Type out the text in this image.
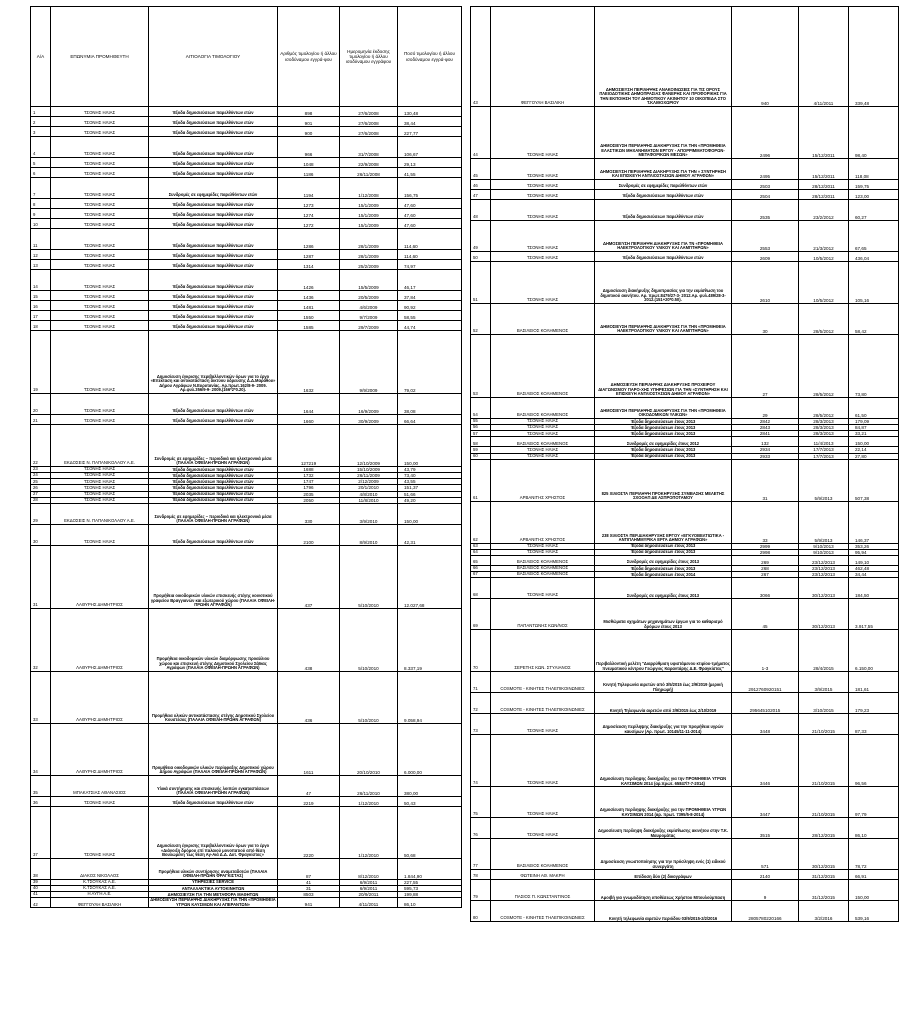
Α/Α	ΕΠΩΝΥΜΙΑ ΠΡΟΜΗΘΕΥΤΗ	ΑΙΤΙΟΛΟΓΙΑ ΤΙΜΟΛΟΓΙΟΥ	Αριθμός τιμολογίου ή άλλου ισοδύναμου εγγρά-φου	Ημερομηνία έκδοσης τιμολογίου ή άλλου ισοδύναμου εγγράφου	Ποσό τιμολογίου ή άλλου ισοδύναμου εγγρά-φου
1	ΤΣΟΝΗΣ ΗΛΙΑΣ	Έξοδα δημοσιεύσεων παρελθόντων ετών	898	27/6/2008	130,48
2	ΤΣΟΝΗΣ ΗΛΙΑΣ	Έξοδα δημοσιεύσεων παρελθόντων ετών	901	27/6/2008	38,44
3	ΤΣΟΝΗΣ ΗΛΙΑΣ	Έξοδα δημοσιεύσεων παρελθόντων ετών	900	27/6/2008	227,77
4	ΤΣΟΝΗΣ ΗΛΙΑΣ	Έξοδα δημοσιεύσεων παρελθόντων ετών	966	31/7/2008	106,67
5	ΤΣΟΝΗΣ ΗΛΙΑΣ	Έξοδα δημοσιεύσεων παρελθόντων ετών	1048	22/9/2008	29,13
6	ΤΣΟΝΗΣ ΗΛΙΑΣ	Έξοδα δημοσιεύσεων παρελθόντων ετών	1186	26/11/2008	41,55
7	ΤΣΟΝΗΣ ΗΛΙΑΣ	Συνδρομές σε εφημερίδες παρελθόντων ετών	1194	1/12/2008	156,75
8	ΤΣΟΝΗΣ ΗΛΙΑΣ	Έξοδα δημοσιεύσεων παρελθόντων ετών	1273	15/1/2009	47,60
9	ΤΣΟΝΗΣ ΗΛΙΑΣ	Έξοδα δημοσιεύσεων παρελθόντων ετών	1274	15/1/2009	47,60
10	ΤΣΟΝΗΣ ΗΛΙΑΣ	Έξοδα δημοσιεύσεων παρελθόντων ετών	1272	15/1/2009	47,60
11	ΤΣΟΝΗΣ ΗΛΙΑΣ	Έξοδα δημοσιεύσεων παρελθόντων ετών	1286	28/1/2009	114,60
12	ΤΣΟΝΗΣ ΗΛΙΑΣ	Έξοδα δημοσιεύσεων παρελθόντων ετών	1287	28/1/2009	114,60
13	ΤΣΟΝΗΣ ΗΛΙΑΣ	Έξοδα δημοσιεύσεων παρελθόντων ετών	1314	25/2/2009	74,97
14	ΤΣΟΝΗΣ ΗΛΙΑΣ	Έξοδα δημοσιεύσεων παρελθόντων ετών	1426	15/5/2009	46,17
15	ΤΣΟΝΗΣ ΗΛΙΑΣ	Έξοδα δημοσιεύσεων παρελθόντων ετών	1436	20/5/2009	37,84
16	ΤΣΟΝΗΣ ΗΛΙΑΣ	Έξοδα δημοσιεύσεων παρελθόντων ετών	1481	4/6/2009	90,92
17	ΤΣΟΝΗΣ ΗΛΙΑΣ	Έξοδα δημοσιεύσεων παρελθόντων ετών	1550	9/7/2009	58,55
18	ΤΣΟΝΗΣ ΗΛΙΑΣ	Έξοδα δημοσιεύσεων παρελθόντων ετών	1585	29/7/2009	44,74
19	ΤΣΟΝΗΣ ΗΛΙΑΣ	Δημοσίευση έγκρισης περιβαλλοντικών όρων για το έργο «Επέκταση και αντικατάσταση δικτύου ύδρευσης Δ.Δ.Μαράθου» Δήμου Αγράφων Ν.Ευρυτανίας. Αρ.πρωτ.162/8-9- 2009. Αρ.φυλ.356/9-9- 2009.(166*2*0.20).	1632	9/9/2009	79,02
20	ΤΣΟΝΗΣ ΗΛΙΑΣ	Έξοδα δημοσιεύσεων παρελθόντων ετών	1644	16/9/2009	38,08
21	ΤΣΟΝΗΣ ΗΛΙΑΣ	Έξοδα δημοσιεύσεων παρελθόντων ετών	1660	30/9/2009	66,64
22	ΕΚΔΟΣΕΙΣ Ν. ΠΑΠΑΝΙΚΟΛΑΟΥ Α.Ε.	Συνδρομές σε εφημερίδες – περιοδικά και ηλεκτρονικά μέσα (ΠΑΛΑΙΑ ΟΦΕΙΛΗ-ΠΡΩΗΝ ΑΓΡΑΦΩΝ)	127219	12/10/2009	150,00
23	ΤΣΟΝΗΣ ΗΛΙΑΣ	Έξοδα δημοσιεύσεων παρελθόντων ετών	1688	15/10/2009	43,79
24	ΤΣΟΝΗΣ ΗΛΙΑΣ	Έξοδα δημοσιεύσεων παρελθόντων ετών	1732	26/11/2009	73,40
25	ΤΣΟΝΗΣ ΗΛΙΑΣ	Έξοδα δημοσιεύσεων παρελθόντων ετών	1747	2/12/2009	43,55
26	ΤΣΟΝΗΣ ΗΛΙΑΣ	Έξοδα δημοσιεύσεων παρελθόντων ετών	1796	20/1/2010	151,37
27	ΤΣΟΝΗΣ ΗΛΙΑΣ	Έξοδα δημοσιεύσεων παρελθόντων ετών	2035	4/8/2010	51,66
28	ΤΣΟΝΗΣ ΗΛΙΑΣ	Έξοδα δημοσιεύσεων παρελθόντων ετών	2050	11/8/2010	49,20
29	ΕΚΔΟΣΕΙΣ Ν. ΠΑΠΑΝΙΚΟΛΑΟΥ Α.Ε.	Συνδρομές σε εφημερίδες – περιοδικά και ηλεκτρονικά μέσα (ΠΑΛΑΙΑ ΟΦΕΙΛΗ-ΠΡΩΗΝ ΑΓΡΑΦΩΝ)	330	3/9/2010	150,00
30	ΤΣΟΝΗΣ ΗΛΙΑΣ	Έξοδα δημοσιεύσεων παρελθόντων ετών	2100	8/9/2010	42,31
31	ΛΑΘΥΡΗΣ ΔΗΜΗΤΡΙΟΣ	Προμήθεια οικοδομικών υλικών επισκευής στέγης κοινοτικού γραφείου Βραγγιανών και εξωτερικού χώρου (ΠΑΛΑΙΑ ΟΦΕΙΛΗ-ΠΡΩΗΝ ΑΓΡΑΦΩΝ)	437	5/10/2010	12.027,68
32	ΛΑΘΥΡΗΣ ΔΗΜΗΤΡΙΟΣ	Προμήθεια οικοδομικών υλικών διαμόρφωσης προαύλιου χώρου και επισκευή στέγης Δημοτικού Σχολείου Σάϊκας Αγράφων (ΠΑΛΑΙΑ ΟΦΕΙΛΗ-ΠΡΩΗΝ ΑΓΡΑΦΩΝ)	438	5/10/2010	8.337,19
33	ΛΑΘΥΡΗΣ ΔΗΜΗΤΡΙΟΣ	Προμήθεια υλικών αντικατάστασης στέγης Δημοτικού Σχολείου Κουστέσας (ΠΑΛΑΙΑ ΟΦΕΙΛΗ-ΠΡΩΗΝ ΑΓΡΑΦΩΝ)	436	5/10/2010	9.058,94
34	ΛΑΘΥΡΗΣ ΔΗΜΗΤΡΙΟΣ	Προμήθεια οικοδομικών υλικών περίφραξης Δημοτικού χώρου Δήμου Αγράφων (ΠΑΛΑΙΑ ΟΦΕΙΛΗ-ΠΡΩΗΝ ΑΓΡΑΦΩΝ)	1611	20/10/2010	6.000,00
35	ΜΠΑΚΑΤΣΙΑΣ ΑΘΑΝΑΣΙΟΣ	Υλικά συντήρησης και επισκευής λοιπών εγκαταστάσεων (ΠΑΛΑΙΑ ΟΦΕΙΛΗ-ΠΡΩΗΝ ΑΓΡΑΦΩΝ)	47	26/11/2010	380,00
36	ΤΣΟΝΗΣ ΗΛΙΑΣ	Έξοδα δημοσιεύσεων παρελθόντων ετών	2219	1/12/2010	50,43
37	ΤΣΟΝΗΣ ΗΛΙΑΣ	Δημοσίευση έγκρισης περιβαλλοντικών όρων για το έργο «Διάνοιξη δρόμου επί παλαιού μονοπατιού από θέση Βουλωμένη 'έως θέση Αγ-Αιά Δ.Δ. Δυτ. Φραγκίστας»	2220	1/12/2010	50,68
38	ΔΙΑΚΟΣ ΝΙΚΟΛΑΟΣ	Προμήθεια υλικών συντήρησης αναμεταδοτών (ΠΑΛΑΙΑ ΟΦΕΙΛΗ-ΠΡΩΗΝ ΦΡΑΓΚΙΣΤΑΣ)	87	8/12/2010	1.844,90
39	Κ.ΤΣΟΥΚΑΣ Α.Ε.	ΥΠΗΡΕΣΙΕΣ SERVICE	41	6/9/2011	227,55
40	Κ.ΤΣΟΥΚΑΣ Α.Ε.	ΑΝΤΑΛΛΑΚΤΙΚΑ ΑΥΤΟΚΙΝΗΤΩΝ	31	6/9/2011	595,73
41	Η ΑΥΓΗ Α.Ε.	ΔΗΜΟΣΙΕΥΣΗ ΓΙΑ ΤΗΝ ΜΕΤΑΦΟΡΑ ΜΑΘΗΤΩΝ	8503	20/9/2011	199,88
42	ΦΕΓΓΟΥΛΗ ΒΑΣΙΛΙΚΗ	ΔΗΜΟΣΙΕΥΣΗ ΠΕΡΙΛΗΨΗΣ ΔΙΑΚΗΡΥΞΗΣ ΓΙΑ ΤΗΝ «ΠΡΟΜΗΘΕΙΑ ΥΓΡΩΝ ΚΑΥΣΙΜΩΝ ΚΑΙ ΑΠΕΡΑΝΤΩΝ»	941	4/11/2011	86,10
43	ΦΕΓΓΟΥΛΗ ΒΑΣΙΛΙΚΗ	ΔΗΜΟΣΙΕΥΣΗ ΠΕΡΙΛΗΨΗΣ ΑΝΑΚΟΙΝΩΣΕΙΣ ΓΙΑ ΤΙΣ ΟΡΟΥΣ ΠΛΕΙΟΔΟΤΙΚΗΣ ΔΗΜΟΠΡΑΣΙΑΣ ΦΑΝΕΡΗΣ ΚΑΙ ΠΡΟΦΟΡΙΚΗΣ ΓΙΑ ΤΗΝ ΕΚΠΟΙΗΣΗ ΤΟΥ ΔΗΜΟΤΙΚΟΥ ΑΚΙΝΗΤΟΥ 10 ΟΙΚΟΠΕΔΑ ΣΤΟ Τ.ΚΛΙΘΟΧΩΡΙΟΥ	940	4/11/2011	339,48
44	ΤΣΟΝΗΣ ΗΛΙΑΣ	ΔΗΜΟΣΙΕΥΣΗ ΠΕΡΙΛΗΨΗΣ ΔΙΑΚΗΡΥΞΗΣ ΓΙΑ ΤΗΝ «ΠΡΟΜΗΘΕΙΑ ΕΛΑΣΤΙΚΩΝ ΜΗΧΑΝΗΜΑΤΩΝ ΕΡΓΟΥ - ΑΠΟΡΡΙΜΜΑΤΟΦΟΡΩΝ-ΜΕΤΑΦΟΡΙΚΩΝ ΜΕΣΩΝ»	2496	15/12/2011	98,40
45	ΤΣΟΝΗΣ ΗΛΙΑΣ	ΔΗΜΟΣΙΕΥΣΗ ΠΕΡΙΛΗΨΗΣ ΔΙΑΚΗΡΥΞΗΣ ΓΙΑ ΤΗΝ « ΣΥΝΤΗΡΗΣΗ ΚΑΙ ΕΠΙΣΚΕΥΗ ΑΝΤΛΙΟΣΤΑΣΙΩΝ ΔΗΜΟΥ ΑΓΡΑΦΩΝ»	2495	15/12/2011	118,08
46	ΤΣΟΝΗΣ ΗΛΙΑΣ	Συνδρομές σε εφημερίδες παρελθόντων ετών	2503	28/12/2011	159,75
47	ΤΣΟΝΗΣ ΗΛΙΑΣ	Έξοδα δημοσιεύσεων παρελθόντων ετών	2504	28/12/2011	123,00
48	ΤΣΟΝΗΣ ΗΛΙΑΣ	Έξοδα δημοσιεύσεων παρελθόντων ετών	2535	23/2/2012	60,27
49	ΤΣΟΝΗΣ ΗΛΙΑΣ	ΔΗΜΟΣΙΕΥΣΗ ΠΕΡΙΛΗΨΗ ΔΙΑΚΗΡΥΞΗΣ ΓΙΑ ΤΝ «ΠΡΟΜΗΘΕΙΑ ΗΛΕΚΤΡΟΛΟΓΙΚΟΥ ΥΛΙΚΟΥ ΚΑΙ ΛΑΜΠΤΗΡΩΝ»	2553	21/3/2012	67,65
50	ΤΣΟΝΗΣ ΗΛΙΑΣ	Έξοδα δημοσιεύσεων παρελθόντων ετών	2609	10/5/2012	436,04
51	ΤΣΟΝΗΣ ΗΛΙΑΣ	Δημοσίευση διακήρυξης δημοπρασίας για την εκμίσθωση του δημοτικού ακινήτου. Αρ. πρωτ.8479/27-3- 2012.Αρ. φυλ.489/28-3- 2012.(151+20*0.50).	2610	10/5/2012	105,16
52	ΒΑΣΙΛΕΙΟΣ ΚΟΛΗΜΕΝΟΣ	ΔΗΜΟΣΙΕΥΣΗ ΠΕΡΙΛΗΨΗΣ ΔΙΑΚΗΡΥΞΗΣ ΓΙΑ ΤΗΝ «ΠΡΟΜΗΘΕΙΑ ΗΛΕΚΤΡΟΛΟΓΙΚΟΥ ΥΛΙΚΟΥ ΚΑΙ ΛΑΜΠΤΗΡΩΝ»	30	28/5/2012	58,42
53	ΒΑΣΙΛΕΙΟΣ ΚΟΛΗΜΕΝΟΣ	ΔΗΜΟΣΙΕΥΣΗ ΠΕΡΙΛΗΨΗΣ ΔΙΑΚΗΡΥΞΗΣ ΠΡΟΧΕΙΡΟΥ ΔΙΑΓΩΝΙΣΜΟΥ ΠΑΡΟ-ΧΗΣ ΥΠΗΡΕΣΙΩΝ ΓΙΑ ΤΗΝ «ΣΥΝΤΗΡΗΣΗ ΚΑΙ ΕΠΙΣΚΕΥΗ ΑΝΤΛΙΟΣΤΑΣΙΩΝ ΔΗΜΟΥ ΑΓΡΑΦΩΝ»	27	28/5/2012	73,80
54	ΒΑΣΙΛΕΙΟΣ ΚΟΛΗΜΕΝΟΣ	ΔΗΜΟΣΙΕΥΣΗ ΠΕΡΙΛΗΨΗΣ ΔΙΑΚΗΡΥΞΗΣ ΓΙΑ ΤΗΝ «ΠΡΟΜΗΘΕΙΑ ΟΙΚΟΔΟΜΙΚΩΝ ΥΛΙΚΩΝ»	29	28/5/2012	61,50
55	ΤΣΟΝΗΣ ΗΛΙΑΣ	Έξοδα δημοσιεύσεων έτους 2013	2842	28/3/2013	179,09
56	ΤΣΟΝΗΣ ΗΛΙΑΣ	Έξοδα δημοσιεύσεων έτους 2013	2843	28/3/2013	84,87
57	ΤΣΟΝΗΣ ΗΛΙΑΣ	Έξοδα δημοσιεύσεων έτους 2013	2841	28/3/2013	33,21
58	ΒΑΣΙΛΕΙΟΣ ΚΟΛΗΜΕΝΟΣ	Συνδρομές σε εφημερίδες έτους 2012	132	11/4/2013	150,00
59	ΤΣΟΝΗΣ ΗΛΙΑΣ	Έξοδα δημοσιεύσεων έτους 2013	2934	17/7/2013	22,14
60	ΤΣΟΝΗΣ ΗΛΙΑΣ	Έξοδα δημοσιεύσεων έτους 2013	2933	17/7/2013	27,80
61	ΑΡΒΑΝΙΤΗΣ ΧΡΗΣΤΟΣ	825 ΧΙΛΙΟΣΤΑ ΠΕΡΙΛΗΨΗ ΠΡΟΚΗΡΥΞΗΣ ΣΥΜΒΑΣΗΣ ΜΕΛΕΤΗΣ ΣΧΟΟΑΠ ΔΕ ΑΣΠΡΟΠΟΤΑΜΟΥ	31	5/9/2013	507,38
62	ΑΡΒΑΝΙΤΗΣ ΧΡΗΣΤΟΣ	238 ΧΙΛΙΟΣΤΑ ΠΕΡ.ΔΙΑΚΗΡΥΞΗΣ ΕΡΓΟΥ «ΕΓΚΥΟΒΕΛΤΙΩΤΙΚΑ - ΑΝΤΙΠΛΗΜΜΥΡΙΚΑ ΕΡΓΑ ΔΗΜΟΥ ΑΓΡΑΦΩΝ»	33	5/9/2013	146,37
63	ΤΣΟΝΗΣ ΗΛΙΑΣ	Έξοδα δημοσιεύσεων έτους 2013	2999	9/10/2013	353,26
64	ΤΣΟΝΗΣ ΗΛΙΑΣ	Έξοδα δημοσιεύσεων έτους 2013	2998	9/10/2013	95,94
65	ΒΑΣΙΛΕΙΟΣ ΚΟΛΗΜΕΝΟΣ	Συνδρομές σε εφημερίδες έτους 2013	269	23/12/2013	149,10
66	ΒΑΣΙΛΕΙΟΣ ΚΟΛΗΜΕΝΟΣ	Έξοδα δημοσιεύσεων έτους 2013	268	23/12/2013	462,48
67	ΒΑΣΙΛΕΙΟΣ ΚΟΛΗΜΕΝΟΣ	Έξοδα δημοσιεύσεων έτους 2014	267	23/12/2013	34,44
68	ΤΣΟΝΗΣ ΗΛΙΑΣ	Συνδρομές σε εφημερίδες έτους 2013	3066	30/12/2013	184,50
69	ΠΑΠΑΝΤΩΝΗΣ ΚΩΝ/ΝΟΣ	Μισθώματα οχημάτων μηχανημάτων έργων για το καθαρισμό δρόμων έτους 2013	45	30/12/2013	3.917,55
70	ΣΕΡΕΤΗΣ ΚΩΝ. ΣΤΥΛΙΑΝΟΣ	Περιβαλλοντική μελέτη "Διαρρύθμιση υφιστάμενου κτιρίου-τμήματος πνευματικού κέντρου Γεώργιος Καραντάρης Δ.Ε. Φραγκίστας"	1-3	28/4/2015	6.150,00
71	COSMOTE - ΚΙΝΗΤΕΣ ΤΗΛΕΠΙΚΟΙΝΩΝΙΕΣ	Κινητή Τηλεφωνία αιρετών από 3/5/2015 έως 2/9/2019 (μερική Πληρωμή)	2912760920151	3/9/2015	181,61
72	COSMOTE - ΚΙΝΗΤΕΣ ΤΗΛΕΠΙΚΟΙΝΩΝΙΕΣ	Κινητή Τηλεφωνία αιρετών από 3/9/2015 έως 2/10/2019	295645102015	3/10/2015	179,23
73	ΤΣΟΝΗΣ ΗΛΙΑΣ	Δημοσίευση περίληψης διακήρυξης για την προμήθεια υγρών καυσίμων (Αρ. πρωτ. 10145/11-11-2014)	3448	21/10/2015	87,33
74	ΤΣΟΝΗΣ ΗΛΙΑΣ	Δημοσίευση περίληψης διακήρυξης για την ΠΡΟΜΗΘΕΙΑ ΥΓΡΩΝ ΚΑΥΣΙΜΩΝ 2014 (αρ.πρωτ. 65847/7-7-2014)	3446	21/10/2015	96,56
75	ΤΣΟΝΗΣ ΗΛΙΑΣ	Δημοσίευση περίληψης διακήρυξης για την ΠΡΟΜΗΘΕΙΑ ΥΓΡΩΝ ΚΑΥΣΙΜΩΝ 2014 (αρ. πρωτ. 7395/5-8-2014)	3447	21/10/2015	97,79
76	ΤΣΟΝΗΣ ΗΛΙΑΣ	Δημοσίευση περίληψη διακήρυξης εκμίσθωσης ακινήτου στην Τ.Κ. Μαυρομάτας	3515	28/12/2015	86,10
77	ΒΑΣΙΛΕΙΟΣ ΚΟΛΗΜΕΝΟΣ	Δημοσίευση γνωστοποίησης για την πρόσληψη ενός (1) ειδικού συνεργάτη	571	30/12/2015	78,72
78	ΦΩΤΕΙΝΗ ΑΘ. ΜΑΚΡΗ	Επίδοση δύο (2) δικογράφων	2140	31/12/2015	66,91
79	ΠΑΣΙΟΣ Π. ΚΩΝΣΤΑΝΤΙΝΟΣ	Αμοιβή για γνωμοδότηση υποθέσεως Χρήστου Μπουλούμπαση	9	31/12/2015	150,00
80	COSMOTE - ΚΙΝΗΤΕΣ ΤΗΛΕΠΙΚΟΙΝΩΝΙΕΣ	Κινητή τηλεφωνία αιρετών περιόδου 03/9/2015-2/2/2016	2805780220166	3/2/2016	539,16
